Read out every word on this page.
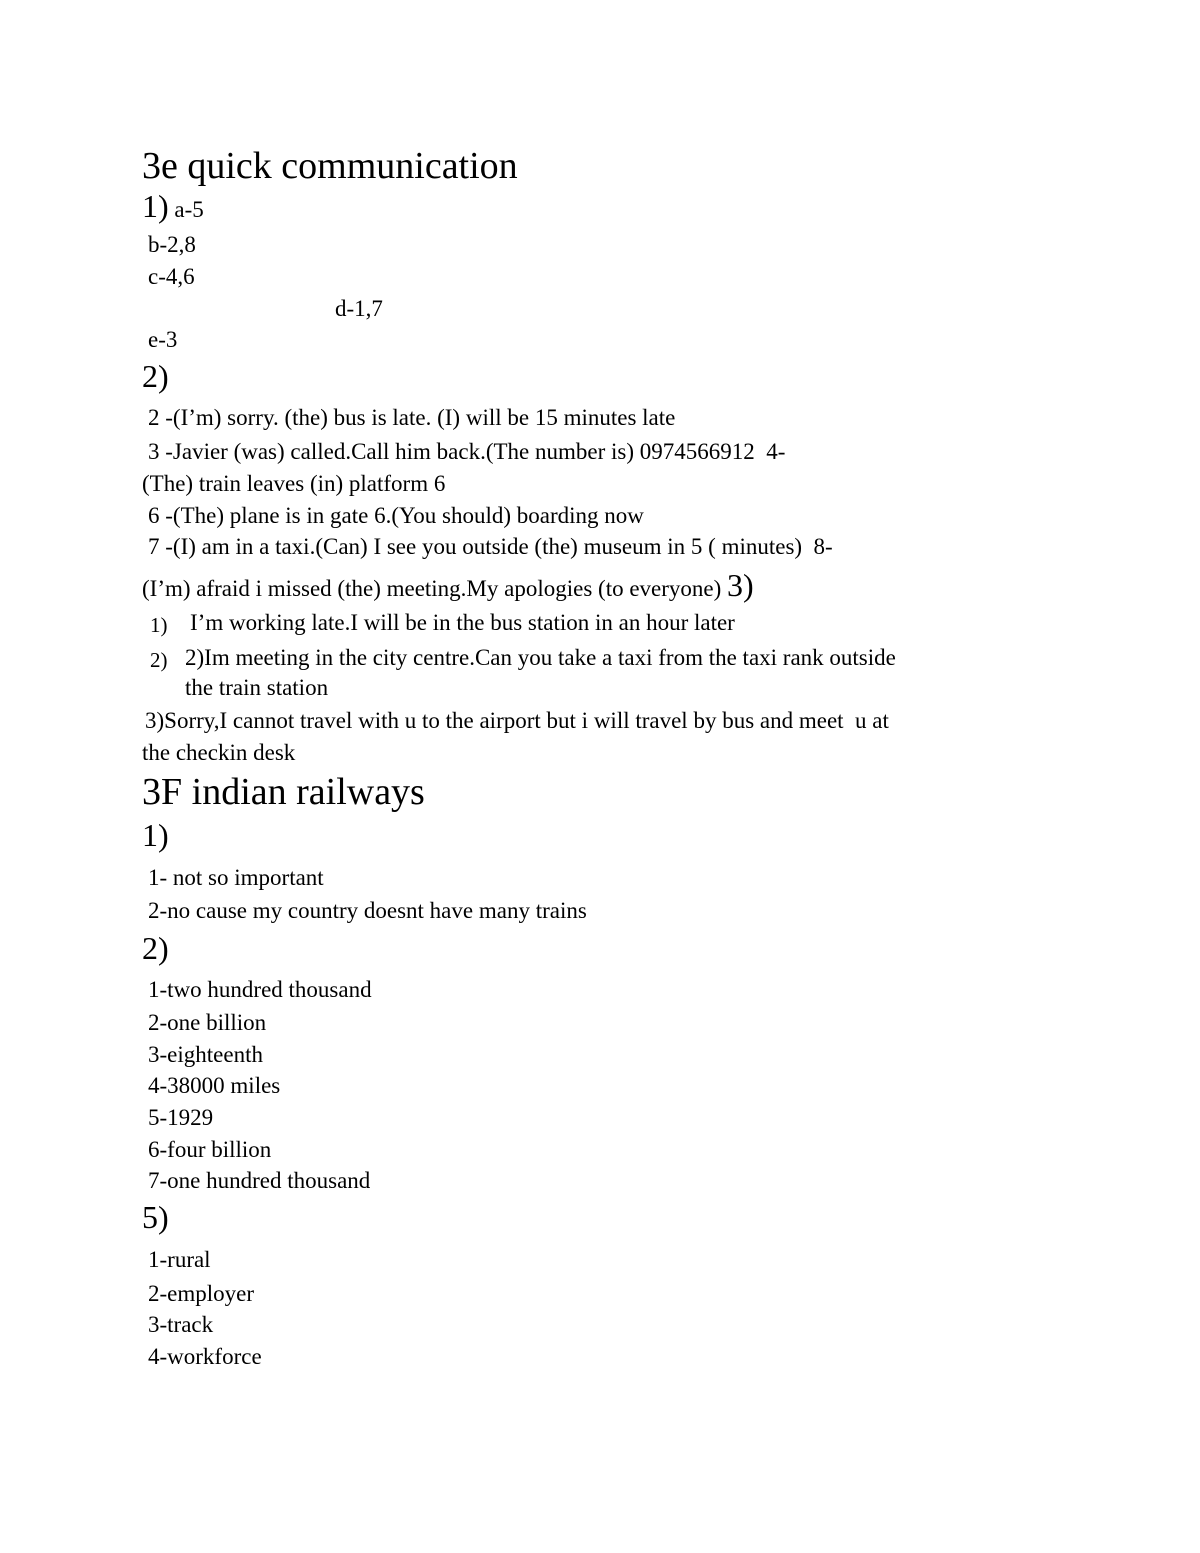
3e quick communication
1) a-5
b-2,8
c-4,6
d-1,7
e-3
2)
2 -(I’m) sorry. (the) bus is late. (I) will be 15 minutes late
3 -Javier (was) called.Call him back.(The number is) 0974566912  4-
(The) train leaves (in) platform 6
6 -(The) plane is in gate 6.(You should) boarding now
7 -(I) am in a taxi.(Can) I see you outside (the) museum in 5 ( minutes)  8-
(I’m) afraid i missed (the) meeting.My apologies (to everyone) 3)
1) I’m working late.I will be in the bus station in an hour later
2) 2)Im meeting in the city centre.Can you take a taxi from the taxi rank outside
the train station
3)Sorry,I cannot travel with u to the airport but i will travel by bus and meet  u at
the checkin desk
3F indian railways
1)
1- not so important
2-no cause my country doesnt have many trains
2)
1-two hundred thousand
2-one billion
3-eighteenth
4-38000 miles
5-1929
6-four billion
7-one hundred thousand
5)
1-rural
2-employer
3-track
4-workforce
